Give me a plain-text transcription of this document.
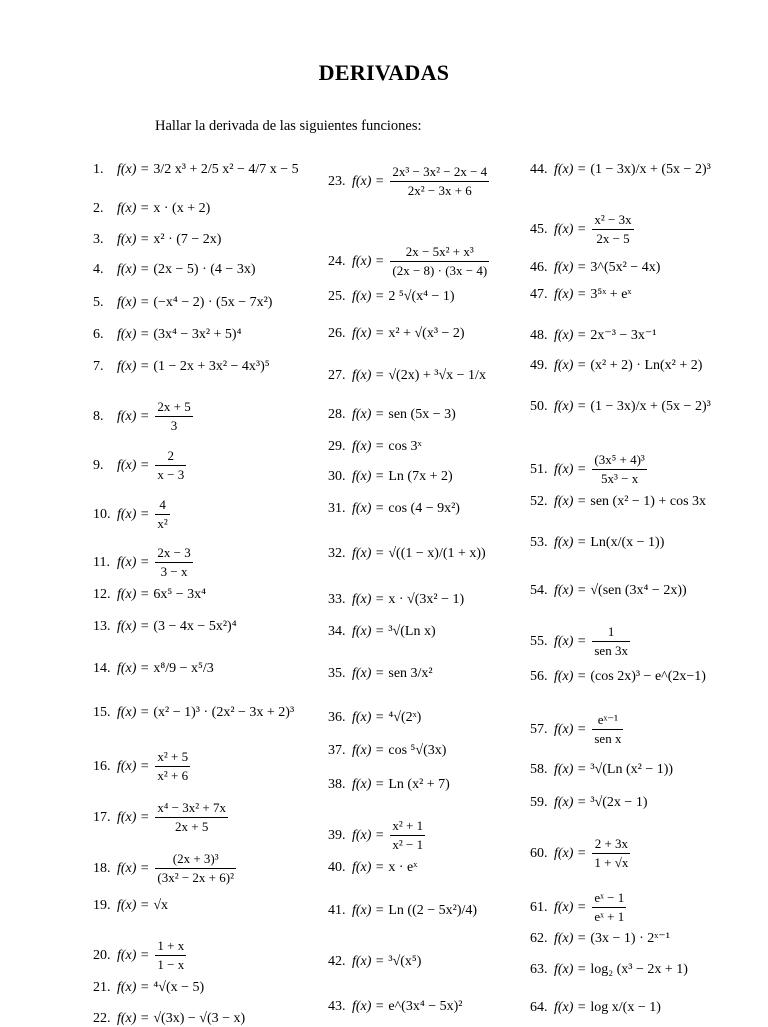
DERIVADAS
Hallar la derivada de las siguientes funciones:
1. f(x) = 3/2 x³ + 2/5 x² − 4/7 x − 5
2. f(x) = x · (x + 2)
3. f(x) = x² · (7 − 2x)
4. f(x) = (2x − 5) · (4 − 3x)
5. f(x) = (−x⁴ − 2) · (5x − 7x²)
6. f(x) = (3x⁴ − 3x² + 5)⁴
7. f(x) = (1 − 2x + 3x² − 4x³)⁵
8. $f(x) = \frac{2x + 5}{3}$
9. $f(x) = \frac{2}{x - 3}$
10. $f(x) = \frac{4}{\text{x²}}$
11. $f(x) = \frac{2x - 3}{3 - x}$
12. f(x) = 6x⁵ − 3x⁴
13. f(x) = (3 − 4x − 5x²)⁴
14. f(x) = x⁸/9 − x⁵/3
15. f(x) = (x² − 1)³ · (2x² − 3x + 2)³
16. $f(x) = \frac{\text{x² + 5}}{\text{x² + 6}}$
17. $f(x) = \frac{\text{x⁴ − 3x² + 7x}}{2x + 5}$
18. $f(x) = \frac{\text{(2x + 3)³}}{\text{(3x² − 2x + 6)²}}$
19. f(x) = √x
20. $f(x) = \frac{1 + x}{1 - x}$
21. f(x) = ⁴√(x − 5)
22. f(x) = √(3x) − √(3 − x)
23. $f(x) = \frac{\text{2x³ − 3x² − 2x − 4}}{\text{2x² − 3x + 6}}$
24. $f(x) = \frac{\text{2x − 5x² + x³}}{(2x - 8) \cdot (3x - 4)}$
25. f(x) = 2 ⁵√(x⁴ − 1)
26. f(x) = x² + √(x³ − 2)
27. f(x) = √(2x) + ³√x − 1/x
28. f(x) = sen (5x − 3)
29. f(x) = cos 3ˣ
30. f(x) = Ln (7x + 2)
31. f(x) = cos (4 − 9x²)
32. f(x) = √((1 − x)/(1 + x))
33. f(x) = x · √(3x² − 1)
34. f(x) = ³√(Ln x)
35. f(x) = sen 3/x²
36. f(x) = ⁴√(2ˣ)
37. f(x) = cos ⁵√(3x)
38. f(x) = Ln (x² + 7)
39. $f(x) = \frac{\text{x² + 1}}{\text{x² − 1}}$
40. f(x) = x · eˣ
41. f(x) = Ln ((2 − 5x²)/4)
42. f(x) = ³√(x⁵)
43. f(x) = e^(3x⁴ − 5x)²
44. f(x) = (1 − 3x)/x + (5x − 2)³
45. $f(x) = \frac{\text{x² − 3x}}{2x - 5}$
46. f(x) = 3^(5x² − 4x)
47. f(x) = 3⁵ˣ + eˣ
48. f(x) = 2x⁻³ − 3x⁻¹
49. f(x) = (x² + 2) · Ln(x² + 2)
50. f(x) = (1 − 3x)/x + (5x − 2)³
51. $f(x) = \frac{\text{(3x⁵ + 4)³}}{\text{5x³ − x}}$
52. f(x) = sen (x² − 1) + cos 3x
53. f(x) = Ln(x/(x − 1))
54. f(x) = √(sen (3x⁴ − 2x))
55. $f(x) = \frac{1}{\text{sen 3x}}$
56. f(x) = (cos 2x)³ − e^(2x−1)
57. $f(x) = \frac{\text{eˣ⁻¹}}{\text{sen x}}$
58. f(x) = ³√(Ln (x² − 1))
59. f(x) = ³√(2x − 1)
60. $f(x) = \frac{2 + 3x}{1 + √x}$
61. $f(x) = \frac{\text{eˣ − 1}}{\text{eˣ + 1}}$
62. f(x) = (3x − 1) · 2ˣ⁻¹
63. f(x) = log₂ (x³ − 2x + 1)
64. f(x) = log x/(x − 1)
